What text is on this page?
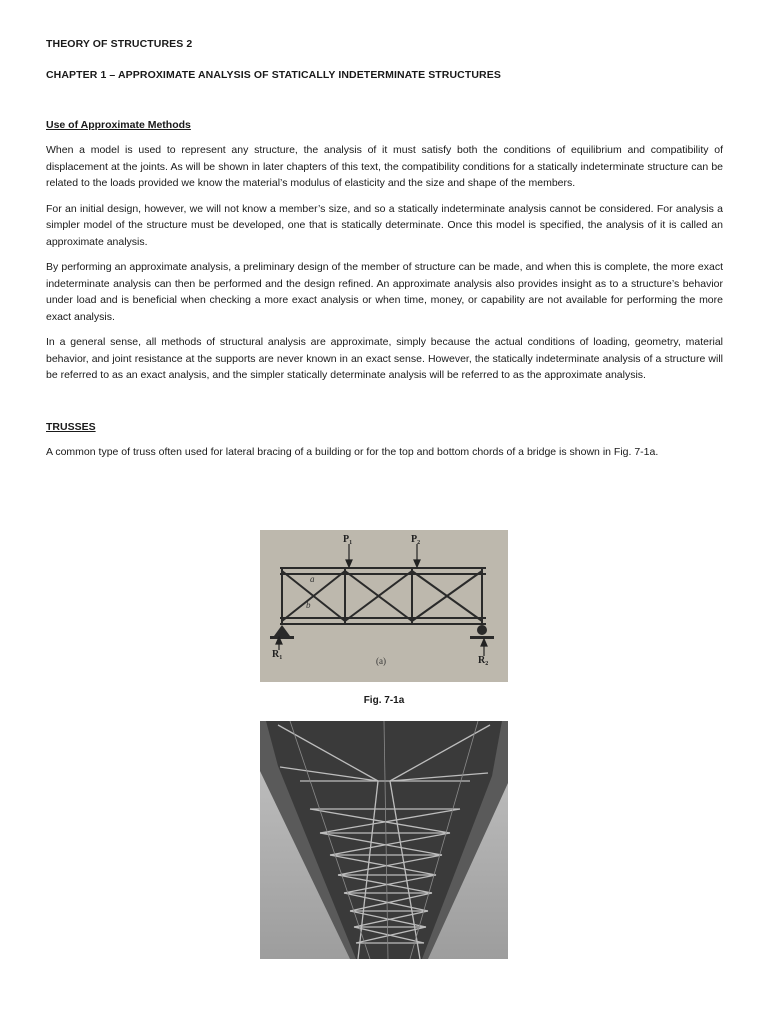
THEORY OF STRUCTURES 2

CHAPTER 1 – APPROXIMATE ANALYSIS OF STATICALLY INDETERMINATE STRUCTURES

Use of Approximate Methods

When a model is used to represent any structure, the analysis of it must satisfy both the conditions of equilibrium and compatibility of displacement at the joints. As will be shown in later chapters of this text, the compatibility conditions for a statically indeterminate structure can be related to the loads provided we know the material’s modulus of elasticity and the size and shape of the members.

For an initial design, however, we will not know a member’s size, and so a statically indeterminate analysis cannot be considered. For analysis a simpler model of the structure must be developed, one that is statically determinate. Once this model is specified, the analysis of it is called an approximate analysis.

By performing an approximate analysis, a preliminary design of the member of structure can be made, and when this is complete, the more exact indeterminate analysis can then be performed and the design refined. An approximate analysis also provides insight as to a structure’s behavior under load and is beneficial when checking a more exact analysis or when time, money, or capability are not available for performing the more exact analysis.

In a general sense, all methods of structural analysis are approximate, simply because the actual conditions of loading, geometry, material behavior, and joint resistance at the supports are never known in an exact sense. However, the statically indeterminate analysis of a structure will be referred to as an exact analysis, and the simpler statically determinate analysis will be referred to as the approximate analysis.

TRUSSES

A common type of truss often used for lateral bracing of a building or for the top and bottom chords of a bridge is shown in Fig. 7-1a.

$P_1$	$P_2$
$R_1$	$R_2$
a
b
(a)
Fig. 7-1a
